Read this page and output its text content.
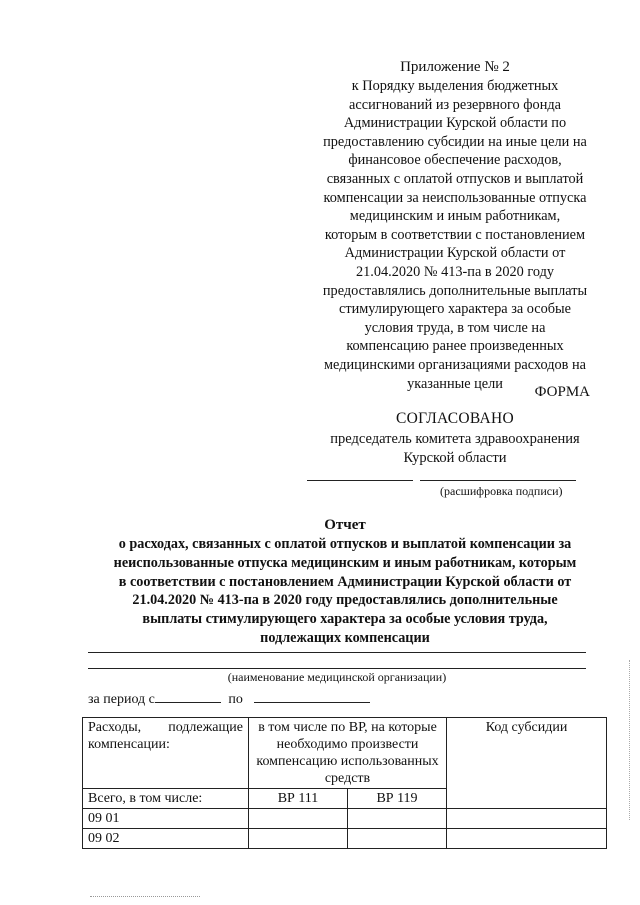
Приложение № 2
к Порядку выделения бюджетных
ассигнований из резервного фонда
Администрации Курской области по
предоставлению субсидии на иные цели на
финансовое обеспечение расходов,
связанных с оплатой отпусков и выплатой
компенсации за неиспользованные отпуска
медицинским и иным работникам,
которым в соответствии с постановлением
Администрации Курской области от
21.04.2020 № 413-па в 2020 году
предоставлялись дополнительные выплаты
стимулирующего характера за особые
условия труда, в том числе на
компенсацию ранее произведенных
медицинскими организациями расходов на
указанные цели
ФОРМА
СОГЛАСОВАНО
председатель комитета здравоохранения
Курской области
(расшифровка подписи)
Отчет
о расходах, связанных с оплатой отпусков и выплатой компенсации за
неиспользованные отпуска медицинским и иным работникам, которым
в соответствии с постановлением Администрации Курской области от
21.04.2020 № 413-па в 2020 году предоставлялись дополнительные
выплаты стимулирующего характера за особые условия труда,
подлежащих компенсации
(наименование медицинской организации)
за период с	по
Расходы, подлежащие компенсации:	в том числе по ВР, на которые необходимо произвести компенсацию использованных средств		Код субсидии
Всего, в том числе:	ВР 111	ВР 119	
09 01			
09 02			
